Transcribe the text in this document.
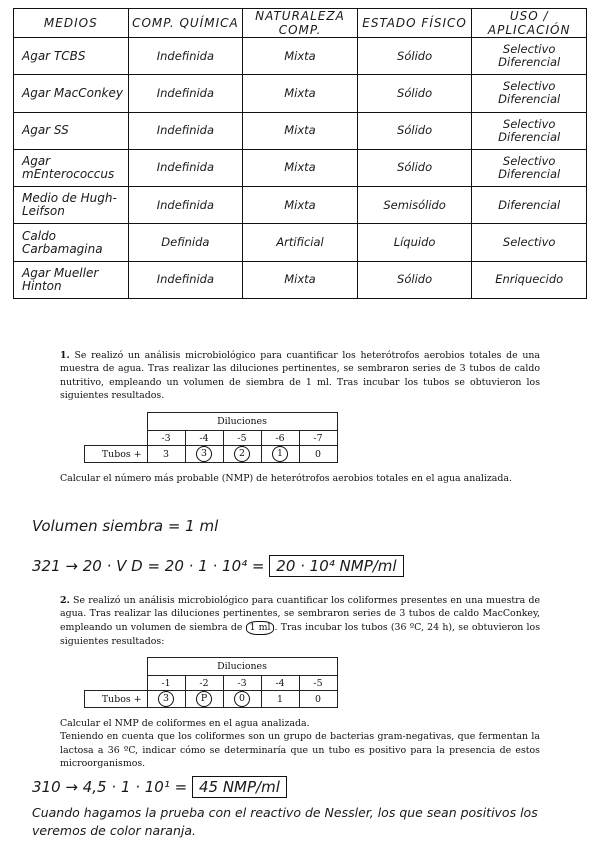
MEDIOS	COMP. QUÍMICA	NATURALEZA COMP.	ESTADO FÍSICO	USO / APLICACIÓN
Agar TCBS	Indefinida	Mixta	Sólido	Selectivo Diferencial
Agar MacConkey	Indefinida	Mixta	Sólido	Selectivo Diferencial
Agar SS	Indefinida	Mixta	Sólido	Selectivo Diferencial
Agar mEnterococcus	Indefinida	Mixta	Sólido	Selectivo Diferencial
Medio de Hugh-Leifson	Indefinida	Mixta	Semisólido	Diferencial
Caldo Carbamagina	Definida	Artificial	Líquido	Selectivo
Agar Mueller Hinton	Indefinida	Mixta	Sólido	Enriquecido

1. Se realizó un análisis microbiológico para cuantificar los heterótrofos aerobios totales de una muestra de agua. Tras realizar las diluciones pertinentes, se sembraron series de 3 tubos de caldo nutritivo, empleando un volumen de siembra de 1 ml. Tras incubar los tubos se obtuvieron los siguientes resultados.

	Diluciones				
	-3	-4	-5	-6	-7
Tubos +	3	3	2	1	0

Calcular el número más probable (NMP) de heterótrofos aerobios totales en el agua analizada.

Volumen siembra = 1 ml
321 → 20 · V D = 20 · 1 · 10⁴ = 20 · 10⁴ NMP/ml

2. Se realizó un análisis microbiológico para cuantificar los coliformes presentes en una muestra de agua. Tras realizar las diluciones pertinentes, se sembraron series de 3 tubos de caldo MacConkey, empleando un volumen de siembra de 1 ml . Tras incubar los tubos (36 ºC, 24 h), se obtuvieron los siguientes resultados:

	Diluciones				
	-1	-2	-3	-4	-5
Tubos +	3	P	0	1	0

Calcular el NMP de coliformes en el agua analizada.
Teniendo en cuenta que los coliformes son un grupo de bacterias gram-negativas, que fermentan la lactosa a 36 ºC, indicar cómo se determinaría que un tubo es positivo para la presencia de estos microorganismos.

310 → 4,5 · 1 · 10¹ = 45 NMP/ml
Cuando hagamos la prueba con el reactivo de Nessler, los que sean positivos los veremos de color naranja.
